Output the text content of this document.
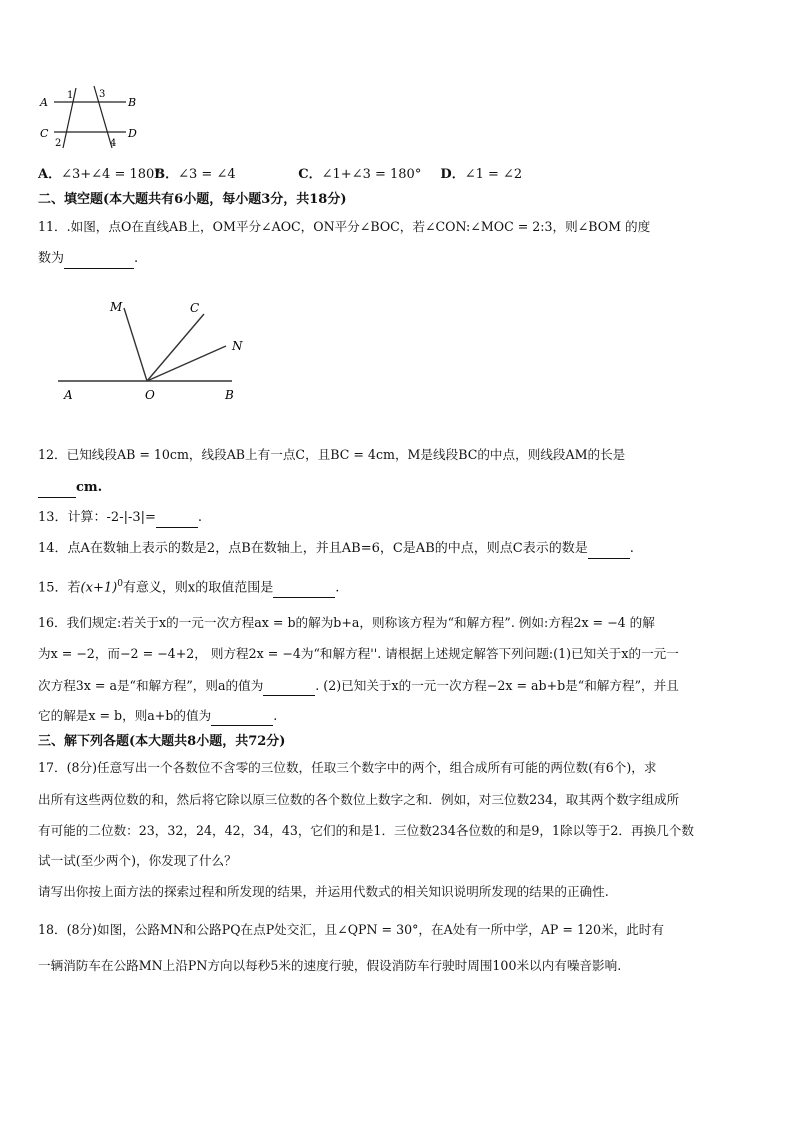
A	B
C	D
1	3
2	4
A．∠3+∠4 = 180° B．∠3 = ∠4	C．∠1+∠3 = 180° D．∠1 = ∠2
二、填空题(本大题共有6小题，每小题3分，共18分)
11．.如图，点O在直线AB上，OM平分∠AOC，ON平分∠BOC，若∠CON:∠MOC = 2:3，则∠BOM 的度
数为	.
M	C
N
A	O	B
12．已知线段AB = 10cm，线段AB上有一点C，且BC = 4cm，M是线段BC的中点，则线段AM的长是
cm.
13．计算：-2-|-3|=	.
14．点A在数轴上表示的数是2，点B在数轴上，并且AB=6，C是AB的中点，则点C表示的数是	.
15．若$(x+1)^0$有意义，则x的取值范围是	.
16．我们规定:若关于x的一元一次方程ax = b的解为b+a，则称该方程为“和解方程”. 例如:方程2x = −4 的解
为x = −2，而−2 = −4+2， 则方程2x = −4为“和解方程''. 请根据上述规定解答下列问题:(1)已知关于x的一元一
次方程3x = a是“和解方程”，则a的值为	. (2)已知关于x的一元一次方程−2x = ab+b是“和解方程”，并且
它的解是x = b，则a+b的值为	.
三、解下列各题(本大题共8小题，共72分)
17．(8分)任意写出一个各数位不含零的三位数，任取三个数字中的两个，组合成所有可能的两位数(有6个)，求
出所有这些两位数的和，然后将它除以原三位数的各个数位上数字之和．例如，对三位数234，取其两个数字组成所
有可能的二位数：23，32，24，42，34，43，它们的和是1．三位数234各位数的和是9，1除以等于2．再换几个数
试一试(至少两个)，你发现了什么？
请写出你按上面方法的探索过程和所发现的结果，并运用代数式的相关知识说明所发现的结果的正确性.
18．(8分)如图，公路MN和公路PQ在点P处交汇，且∠QPN = 30°，在A处有一所中学，AP = 120米，此时有
一辆消防车在公路MN上沿PN方向以每秒5米的速度行驶，假设消防车行驶时周围100米以内有噪音影响.
